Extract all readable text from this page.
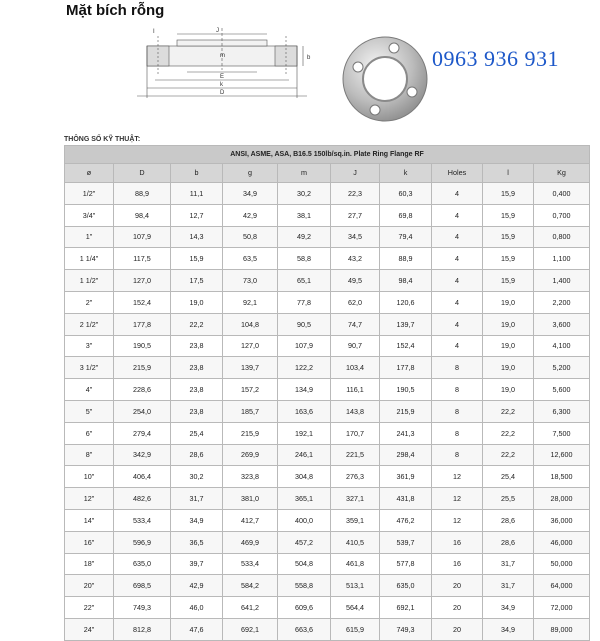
Mặt bích rỗng
J
m	b
E
k
D
I
0963 936 931
THÔNG SỐ KỸ THUẬT:
ANSI, ASME, ASA, B16.5 150lb/sq.in. Plate Ring Flange RF									
ø	D	b	g	m	J	k	Holes	l	Kg
1/2"	88,9	11,1	34,9	30,2	22,3	60,3	4	15,9	0,400
3/4"	98,4	12,7	42,9	38,1	27,7	69,8	4	15,9	0,700
1"	107,9	14,3	50,8	49,2	34,5	79,4	4	15,9	0,800
1 1/4"	117,5	15,9	63,5	58,8	43,2	88,9	4	15,9	1,100
1 1/2"	127,0	17,5	73,0	65,1	49,5	98,4	4	15,9	1,400
2"	152,4	19,0	92,1	77,8	62,0	120,6	4	19,0	2,200
2 1/2"	177,8	22,2	104,8	90,5	74,7	139,7	4	19,0	3,600
3"	190,5	23,8	127,0	107,9	90,7	152,4	4	19,0	4,100
3 1/2"	215,9	23,8	139,7	122,2	103,4	177,8	8	19,0	5,200
4"	228,6	23,8	157,2	134,9	116,1	190,5	8	19,0	5,600
5"	254,0	23,8	185,7	163,6	143,8	215,9	8	22,2	6,300
6"	279,4	25,4	215,9	192,1	170,7	241,3	8	22,2	7,500
8"	342,9	28,6	269,9	246,1	221,5	298,4	8	22,2	12,600
10"	406,4	30,2	323,8	304,8	276,3	361,9	12	25,4	18,500
12"	482,6	31,7	381,0	365,1	327,1	431,8	12	25,5	28,000
14"	533,4	34,9	412,7	400,0	359,1	476,2	12	28,6	36,000
16"	596,9	36,5	469,9	457,2	410,5	539,7	16	28,6	46,000
18"	635,0	39,7	533,4	504,8	461,8	577,8	16	31,7	50,000
20"	698,5	42,9	584,2	558,8	513,1	635,0	20	31,7	64,000
22"	749,3	46,0	641,2	609,6	564,4	692,1	20	34,9	72,000
24"	812,8	47,6	692,1	663,6	615,9	749,3	20	34,9	89,000
